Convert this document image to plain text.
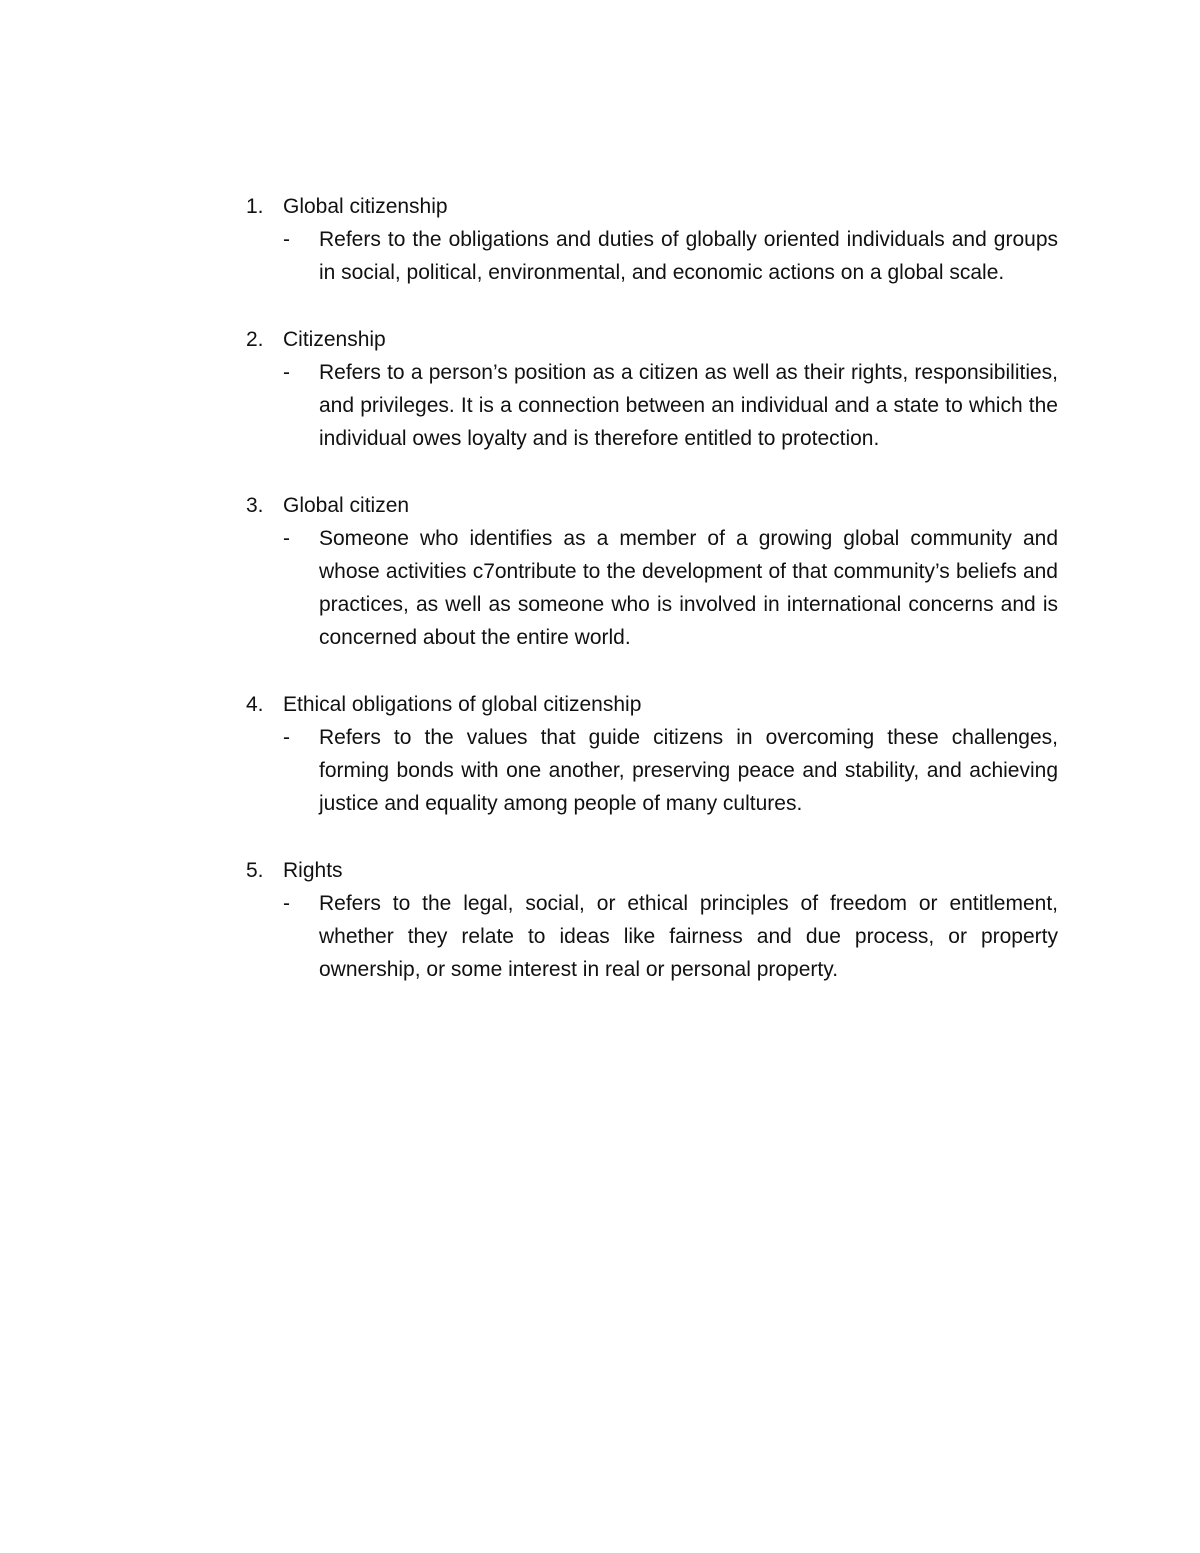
1. Global citizenship
-	Refers to the obligations and duties of globally oriented individuals and groups in social, political, environmental, and economic actions on a global scale.
2. Citizenship
-	Refers to a person’s position as a citizen as well as their rights, responsibilities, and privileges. It is a connection between an individual and a state to which the individual owes loyalty and is therefore entitled to protection.
3. Global citizen
-	Someone who identifies as a member of a growing global community and whose activities c7ontribute to the development of that community’s beliefs and practices, as well as someone who is involved in international concerns and is concerned about the entire world.
4. Ethical obligations of global citizenship
-	Refers to the values that guide citizens in overcoming these challenges, forming bonds with one another, preserving peace and stability, and achieving justice and equality among people of many cultures.
5. Rights
-	Refers to the legal, social, or ethical principles of freedom or entitlement, whether they relate to ideas like fairness and due process, or property ownership, or some interest in real or personal property.
